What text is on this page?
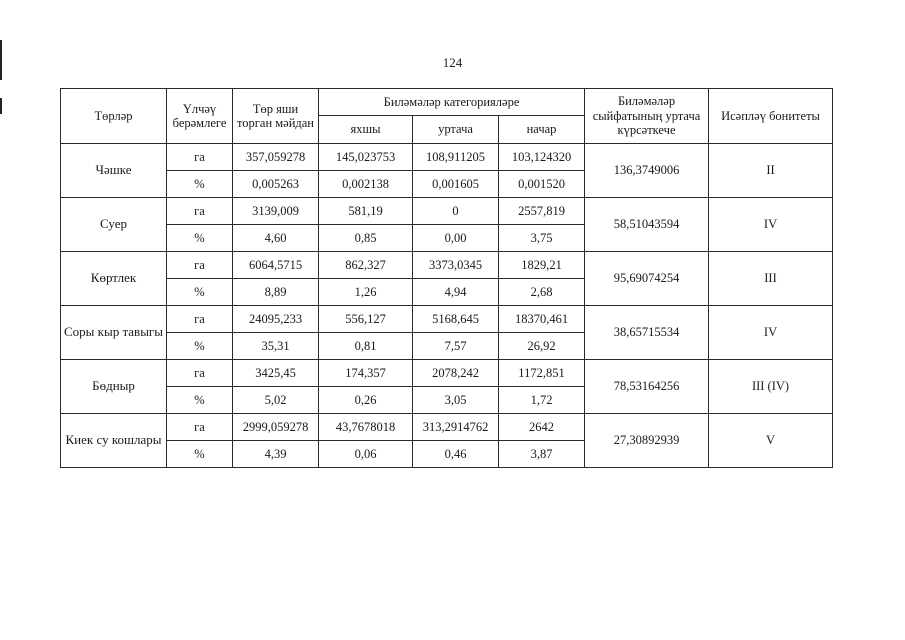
124
Төрләр	Үлчәү берәмлеге	Төр яши торган мәйдан	Биләмәләр категорияләре			Биләмәләр сыйфатының уртача күрсәткече	Исәпләү бонитеты
			яхшы	уртача	начар		
Чәшке	га	357,059278	145,023753	108,911205	103,124320	136,3749006	II
	%	0,005263	0,002138	0,001605	0,001520		
Суер	га	3139,009	581,19	0	2557,819	58,51043594	IV
	%	4,60	0,85	0,00	3,75		
Көртлек	га	6064,5715	862,327	3373,0345	1829,21	95,69074254	III
	%	8,89	1,26	4,94	2,68		
Соры кыр тавыгы	га	24095,233	556,127	5168,645	18370,461	38,65715534	IV
	%	35,31	0,81	7,57	26,92		
Бөдныр	га	3425,45	174,357	2078,242	1172,851	78,53164256	III (IV)
	%	5,02	0,26	3,05	1,72		
Киек су кошлары	га	2999,059278	43,7678018	313,2914762	2642	27,30892939	V
	%	4,39	0,06	0,46	3,87		
